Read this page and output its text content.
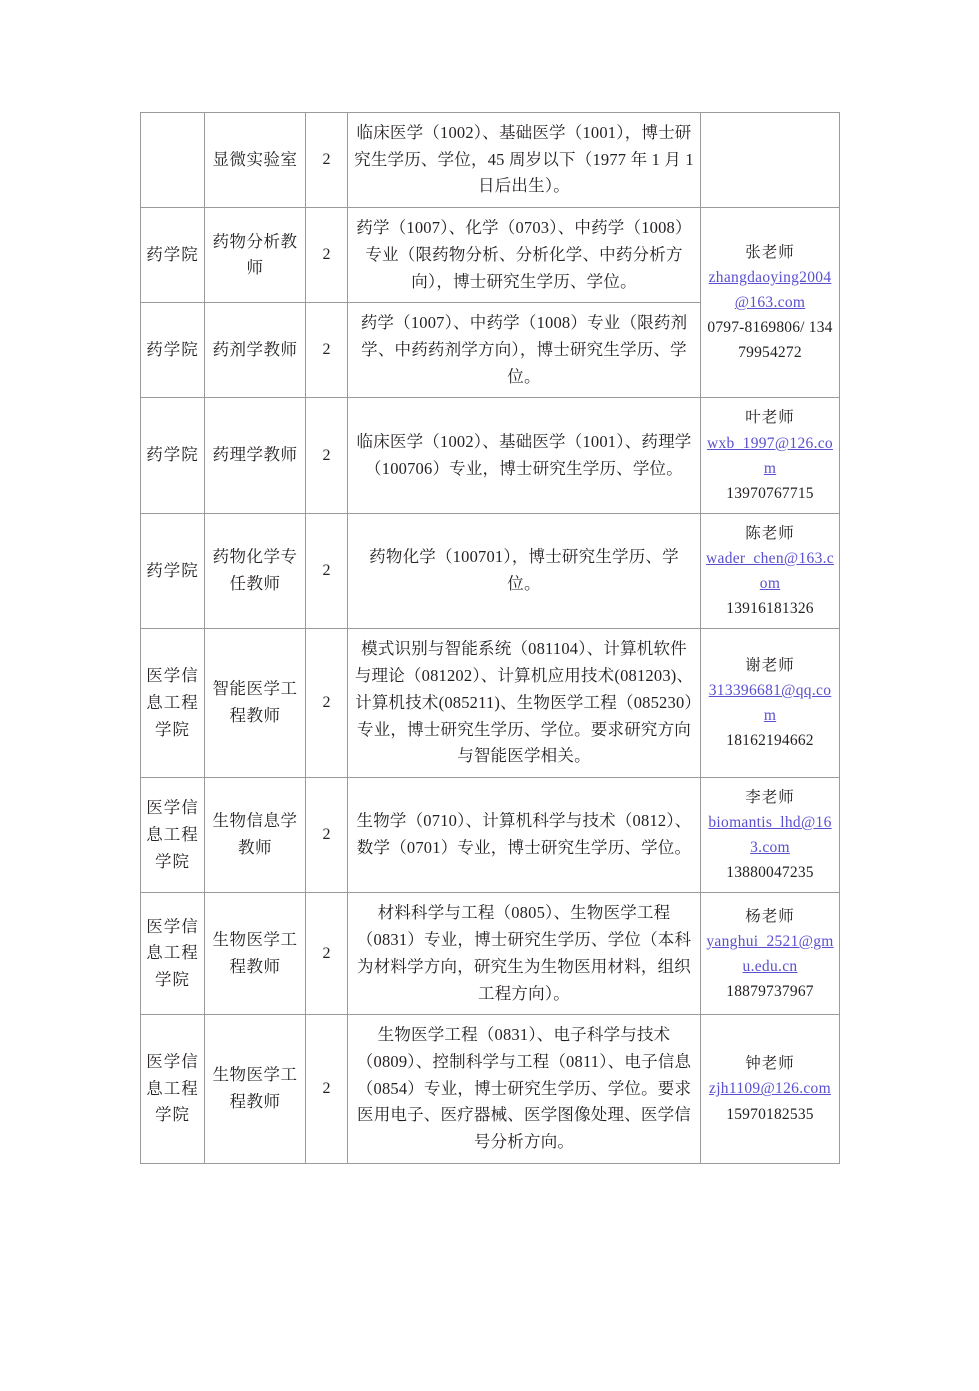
	显微实验室	2	临床医学（1002）、基础医学（1001），博士研究生学历、学位，45 周岁以下（1977 年 1 月 1 日后出生）。	

药学院	药物分析教师	2	药学（1007）、化学（0703）、中药学（1008）专业（限药物分析、分析化学、中药分析方向），博士研究生学历、学位。	张老师
zhangdaoying2004@163.com
0797-8169806/ 13479954272

药学院	药剂学教师	2	药学（1007）、中药学（1008）专业（限药剂学、中药药剂学方向），博士研究生学历、学位。	
药学院	药理学教师	2	临床医学（1002）、基础医学（1001）、药理学（100706）专业，博士研究生学历、学位。	叶老师
wxb_1997@126.com
13970767715

药学院	药物化学专任教师	2	药物化学（100701），博士研究生学历、学位。	陈老师
wader_chen@163.com
13916181326

医学信息工程学院	智能医学工程教师	2	模式识别与智能系统（081104）、计算机软件与理论（081202）、计算机应用技术(081203)、计算机技术(085211)、生物医学工程（085230）专业，博士研究生学历、学位。要求研究方向与智能医学相关。	谢老师
313396681@qq.com
18162194662

医学信息工程学院	生物信息学教师	2	生物学（0710）、计算机科学与技术（0812）、数学（0701）专业，博士研究生学历、学位。	李老师
biomantis_lhd@163.com
13880047235

医学信息工程学院	生物医学工程教师	2	材料科学与工程（0805）、生物医学工程（0831）专业，博士研究生学历、学位（本科为材料学方向，研究生为生物医用材料，组织工程方向）。	杨老师
yanghui_2521@gmu.edu.cn
18879737967

医学信息工程学院	生物医学工程教师	2	生物医学工程（0831）、电子科学与技术（0809）、控制科学与工程（0811）、电子信息（0854）专业，博士研究生学历、学位。要求医用电子、医疗器械、医学图像处理、医学信号分析方向。	钟老师
zjh1109@126.com
15970182535
